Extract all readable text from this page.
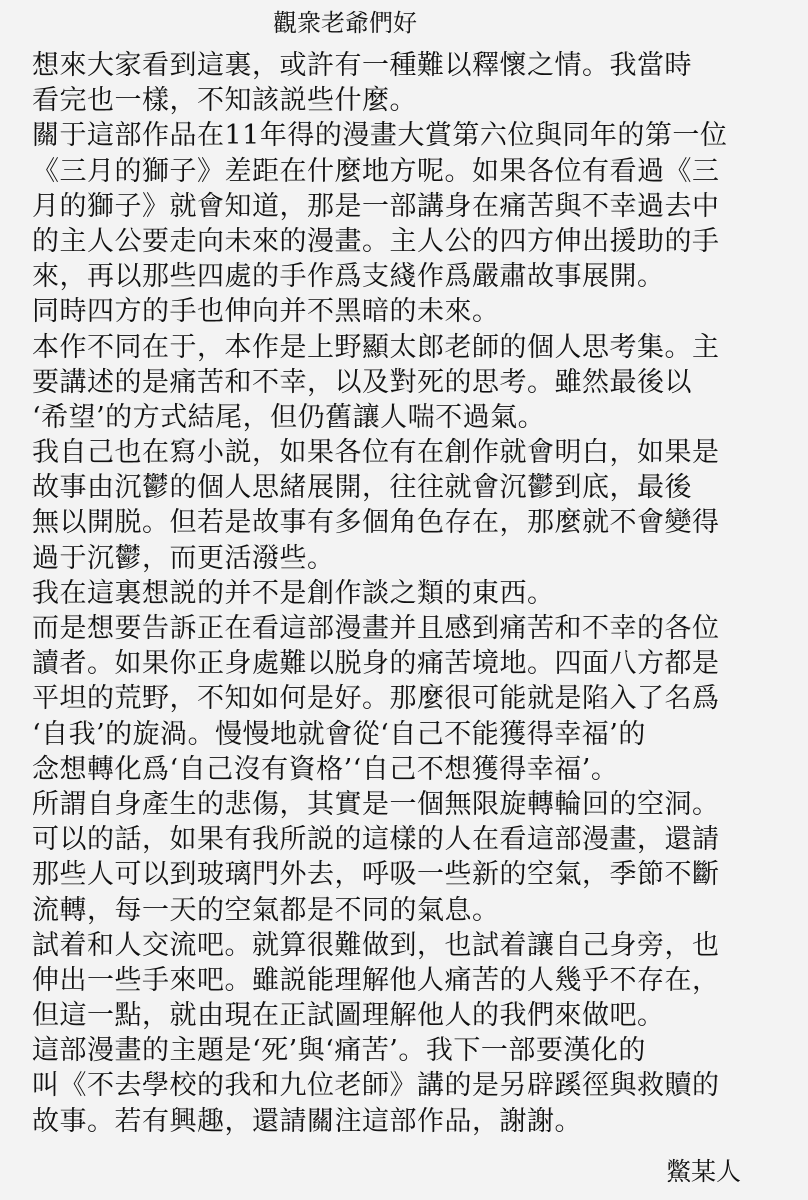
觀衆老爺們好
想來大家看到這裏，或許有一種難以釋懷之情。我當時
看完也一樣，不知該説些什麼。
關于這部作品在11年得的漫畫大賞第六位與同年的第一位
《三月的獅子》差距在什麼地方呢。如果各位有看過《三
月的獅子》就會知道，那是一部講身在痛苦與不幸過去中
的主人公要走向未來的漫畫。主人公的四方伸出援助的手
來，再以那些四處的手作爲支綫作爲嚴肅故事展開。
同時四方的手也伸向并不黑暗的未來。
本作不同在于，本作是上野顯太郎老師的個人思考集。主
要講述的是痛苦和不幸，以及對死的思考。雖然最後以
‘希望’的方式結尾，但仍舊讓人喘不過氣。
我自己也在寫小説，如果各位有在創作就會明白，如果是
故事由沉鬱的個人思緒展開，往往就會沉鬱到底，最後
無以開脱。但若是故事有多個角色存在，那麼就不會變得
過于沉鬱，而更活潑些。
我在這裏想説的并不是創作談之類的東西。
而是想要告訴正在看這部漫畫并且感到痛苦和不幸的各位
讀者。如果你正身處難以脱身的痛苦境地。四面八方都是
平坦的荒野，不知如何是好。那麼很可能就是陷入了名爲
‘自我’的旋渦。慢慢地就會從‘自己不能獲得幸福’的
念想轉化爲‘自己沒有資格’‘自己不想獲得幸福’。
所謂自身產生的悲傷，其實是一個無限旋轉輪回的空洞。
可以的話，如果有我所説的這樣的人在看這部漫畫，還請
那些人可以到玻璃門外去，呼吸一些新的空氣，季節不斷
流轉，每一天的空氣都是不同的氣息。
試着和人交流吧。就算很難做到，也試着讓自己身旁，也
伸出一些手來吧。雖説能理解他人痛苦的人幾乎不存在，
但這一點，就由現在正試圖理解他人的我們來做吧。
這部漫畫的主題是‘死’與‘痛苦’。我下一部要漢化的
叫《不去學校的我和九位老師》講的是另辟蹊徑與救贖的
故事。若有興趣，還請關注這部作品，謝謝。
鱉某人
